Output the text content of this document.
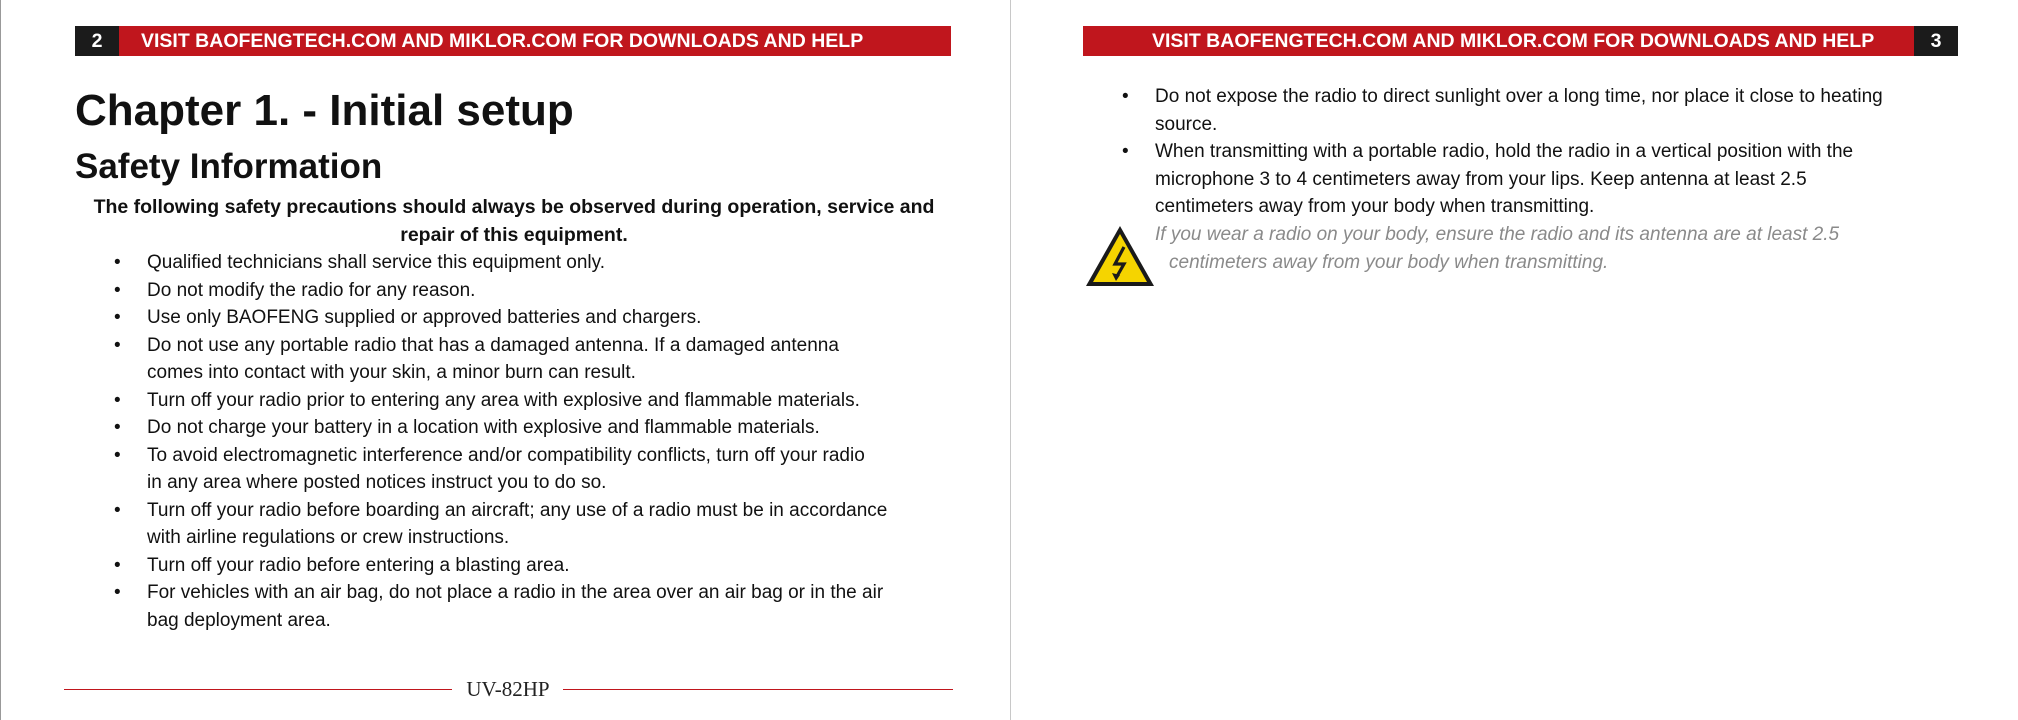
2	VISIT BAOFENGTECH.COM AND MIKLOR.COM FOR DOWNLOADS AND HELP
Chapter 1. - Initial setup
Safety Information
The following safety precautions should always be observed during operation, service and repair of this equipment.
• Qualified technicians shall service this equipment only.
• Do not modify the radio for any reason.
• Use only BAOFENG supplied or approved batteries and chargers.
• Do not use any portable radio that has a damaged antenna. If a damaged antenna
comes into contact with your skin, a minor burn can result.
• Turn off your radio prior to entering any area with explosive and flammable materials.
• Do not charge your battery in a location with explosive and flammable materials.
• To avoid electromagnetic interference and/or compatibility conflicts, turn off your radio
in any area where posted notices instruct you to do so.
• Turn off your radio before boarding an aircraft; any use of a radio must be in accordance
with airline regulations or crew instructions.
• Turn off your radio before entering a blasting area.
• For vehicles with an air bag, do not place a radio in the area over an air bag or in the air
bag deployment area.
UV-82HP
VISIT BAOFENGTECH.COM AND MIKLOR.COM FOR DOWNLOADS AND HELP	3
• Do not expose the radio to direct sunlight over a long time, nor place it close to heating
source.
• When transmitting with a portable radio, hold the radio in a vertical position with the
microphone 3 to 4 centimeters away from your lips. Keep antenna at least 2.5
centimeters away from your body when transmitting.
If you wear a radio on your body, ensure the radio and its antenna are at least 2.5
centimeters away from your body when transmitting.
